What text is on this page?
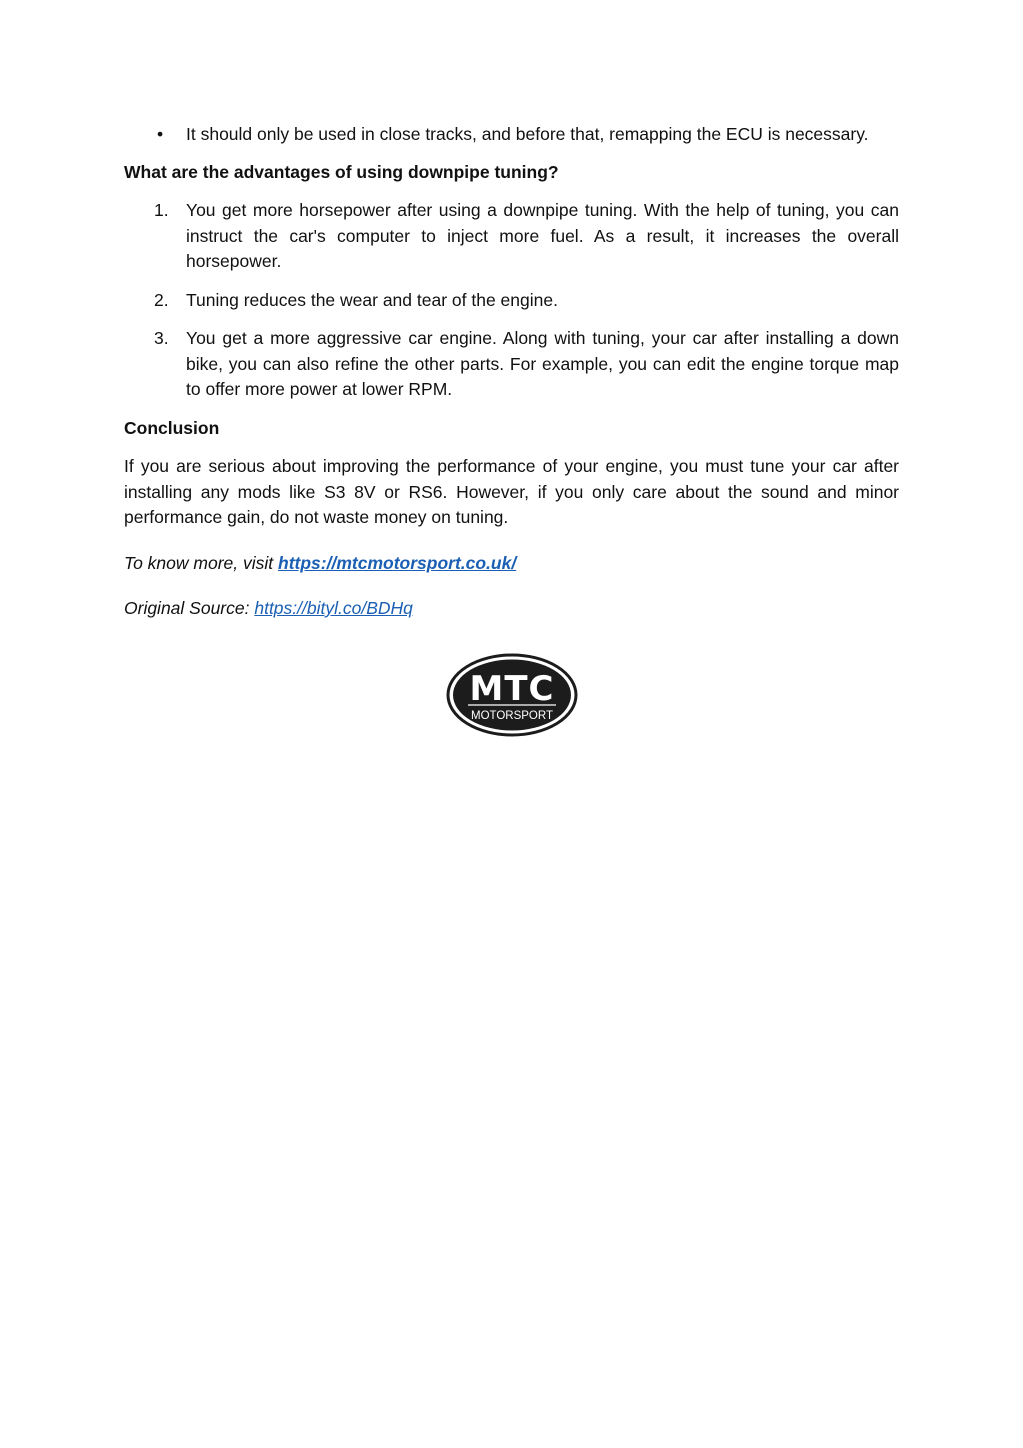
• It should only be used in close tracks, and before that, remapping the ECU is necessary.
What are the advantages of using downpipe tuning?
1. You get more horsepower after using a downpipe tuning. With the help of tuning, you can instruct the car's computer to inject more fuel. As a result, it increases the overall horsepower.
2. Tuning reduces the wear and tear of the engine.
3. You get a more aggressive car engine. Along with tuning, your car after installing a down bike, you can also refine the other parts. For example, you can edit the engine torque map to offer more power at lower RPM.
Conclusion
If you are serious about improving the performance of your engine, you must tune your car after installing any mods like S3 8V or RS6. However, if you only care about the sound and minor performance gain, do not waste money on tuning.
To know more, visit https://mtcmotorsport.co.uk/
Original Source: https://bityl.co/BDHq
MTC
MOTORSPORT
